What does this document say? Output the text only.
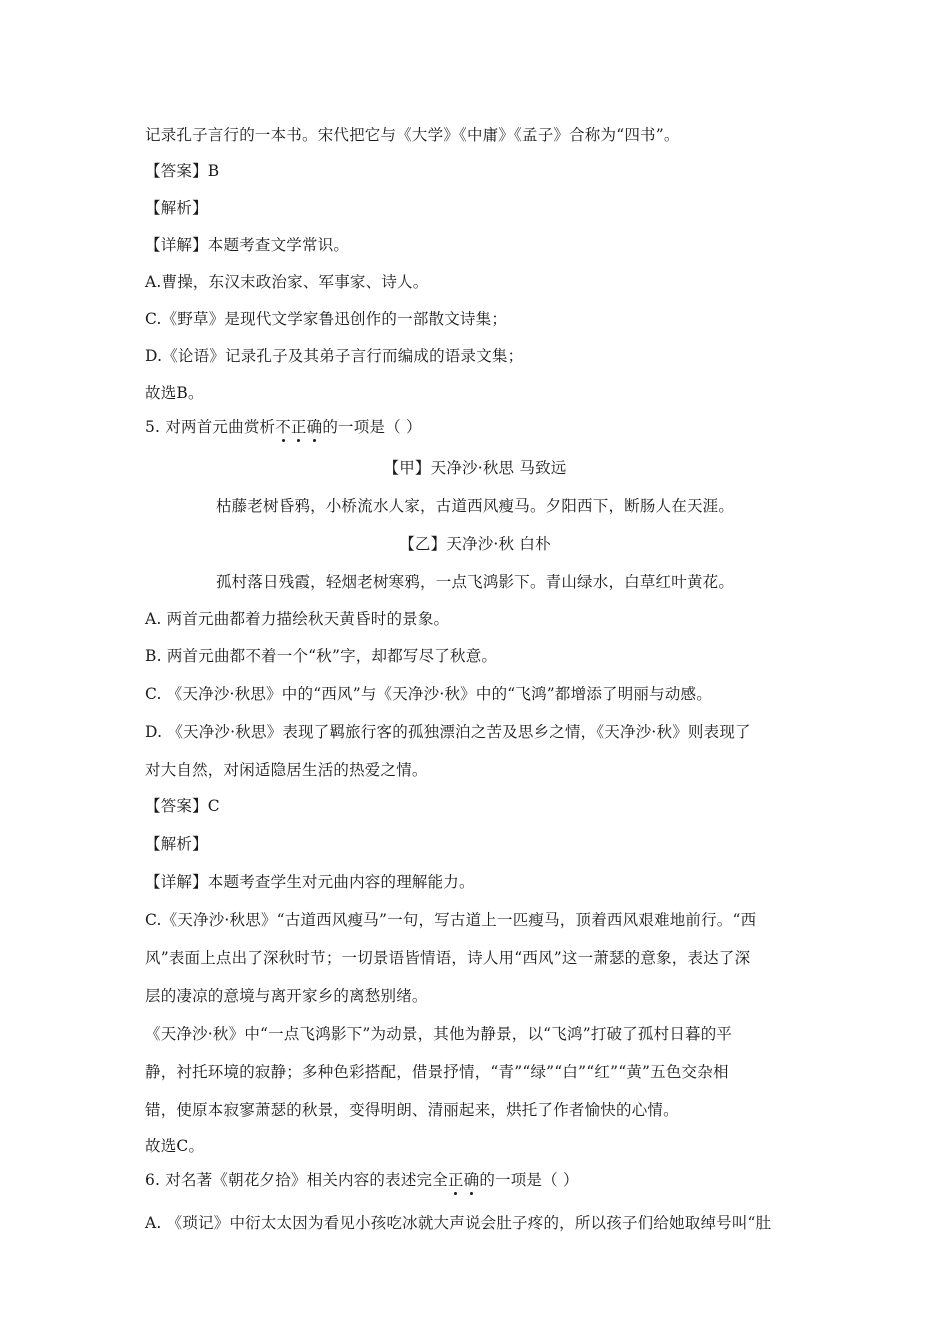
记录孔子言行的一本书。宋代把它与《大学》《中庸》《孟子》合称为“四书”。
【答案】B
【解析】
【详解】本题考查文学常识。
A.曹操，东汉末政治家、军事家、诗人。
C.《野草》是现代文学家鲁迅创作的一部散文诗集；
D.《论语》记录孔子及其弟子言行而编成的语录文集；
故选B。
5. 对两首元曲赏析不正确的一项是（ ）
【甲】天净沙·秋思 马致远
枯藤老树昏鸦，小桥流水人家，古道西风瘦马。夕阳西下，断肠人在天涯。
【乙】天净沙·秋 白朴
孤村落日残霞，轻烟老树寒鸦，一点飞鸿影下。青山绿水，白草红叶黄花。
A. 两首元曲都着力描绘秋天黄昏时的景象。
B. 两首元曲都不着一个“秋”字，却都写尽了秋意。
C. 《天净沙·秋思》中的“西风”与《天净沙·秋》中的“飞鸿”都增添了明丽与动感。
D. 《天净沙·秋思》表现了羁旅行客的孤独漂泊之苦及思乡之情，《天净沙·秋》则表现了
对大自然，对闲适隐居生活的热爱之情。
【答案】C
【解析】
【详解】本题考查学生对元曲内容的理解能力。
C.《天净沙·秋思》“古道西风瘦马”一句，写古道上一匹瘦马，顶着西风艰难地前行。“西
风”表面上点出了深秋时节；一切景语皆情语，诗人用“西风”这一萧瑟的意象，表达了深
层的凄凉的意境与离开家乡的离愁别绪。
《天净沙·秋》中“一点飞鸿影下”为动景，其他为静景，以“飞鸿”打破了孤村日暮的平
静，衬托环境的寂静；多种色彩搭配，借景抒情，“青”“绿”“白”“红”“黄”五色交杂相
错，使原本寂寥萧瑟的秋景，变得明朗、清丽起来，烘托了作者愉快的心情。
故选C。
6. 对名著《朝花夕拾》相关内容的表述完全正确的一项是（ ）
A. 《琐记》中衍太太因为看见小孩吃冰就大声说会肚子疼的，所以孩子们给她取绰号叫“肚
